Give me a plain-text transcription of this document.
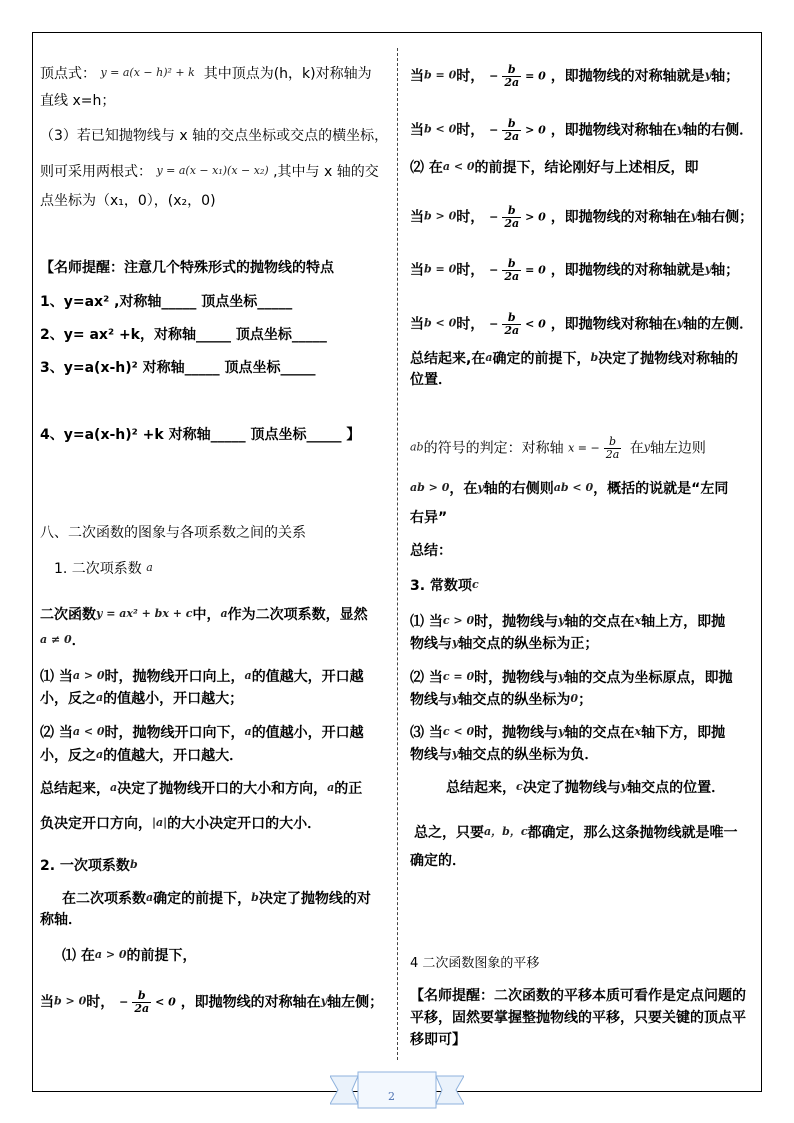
顶点式： y = a(x − h)² + k 其中顶点为(h，k)对称轴为
直线 x=h；
（3）若已知抛物线与 x 轴的交点坐标或交点的横坐标，
则可采用两根式： y = a(x − x₁)(x − x₂) ,其中与 x 轴的交
点坐标为（x₁，0），(x₂，0)
【名师提醒：注意几个特殊形式的抛物线的特点
1、y=ax² ,对称轴_____ 顶点坐标_____
2、y= ax² +k，对称轴_____ 顶点坐标_____
3、y=a(x-h)² 对称轴_____ 顶点坐标_____
4、y=a(x-h)² +k 对称轴_____ 顶点坐标_____ 】
八、二次函数的图象与各项系数之间的关系
1. 二次项系数 a
二次函数y = ax² + bx + c中，a作为二次项系数，显然
a ≠ 0．
⑴ 当a > 0时，抛物线开口向上，a的值越大，开口越
小，反之a的值越小，开口越大；
⑵ 当a < 0时，抛物线开口向下，a的值越小，开口越
小，反之a的值越大，开口越大．
总结起来，a决定了抛物线开口的大小和方向，a的正
负决定开口方向，|a|的大小决定开口的大小．
2. 一次项系数b
在二次项系数a确定的前提下，b决定了抛物线的对
称轴．
⑴ 在a > 0的前提下，
当b > 0时， − $\frac{b}{2a} < 0$ ，即抛物线的对称轴在y轴左侧；
当b = 0时， − $\frac{b}{2a} = 0$ ，即抛物线的对称轴就是y轴；
当b < 0时， − $\frac{b}{2a} > 0$ ，即抛物线对称轴在y轴的右侧．
⑵ 在a < 0的前提下，结论刚好与上述相反，即
当b > 0时， − $\frac{b}{2a} > 0$ ，即抛物线的对称轴在y轴右侧；
当b = 0时， − $\frac{b}{2a} = 0$ ，即抛物线的对称轴就是y轴；
当b < 0时， − $\frac{b}{2a} < 0$ ，即抛物线对称轴在y轴的左侧．
总结起来,在a确定的前提下，b决定了抛物线对称轴的
位置．
ab的符号的判定：对称轴 x = − $\frac{b}{2a}$ 在y轴左边则
ab > 0，在y轴的右侧则ab < 0，概括的说就是“左同
右异”
总结：
3. 常数项c
⑴ 当c > 0时，抛物线与y轴的交点在x轴上方，即抛
物线与y轴交点的纵坐标为正；
⑵ 当c = 0时，抛物线与y轴的交点为坐标原点，即抛
物线与y轴交点的纵坐标为0；
⑶ 当c < 0时，抛物线与y轴的交点在x轴下方，即抛
物线与y轴交点的纵坐标为负．
总结起来，c决定了抛物线与y轴交点的位置．
总之，只要a，b，c都确定，那么这条抛物线就是唯一
确定的．
4 二次函数图象的平移
【名师提醒：二次函数的平移本质可看作是定点问题的
平移，固然要掌握整抛物线的平移，只要关键的顶点平
移即可】
2
